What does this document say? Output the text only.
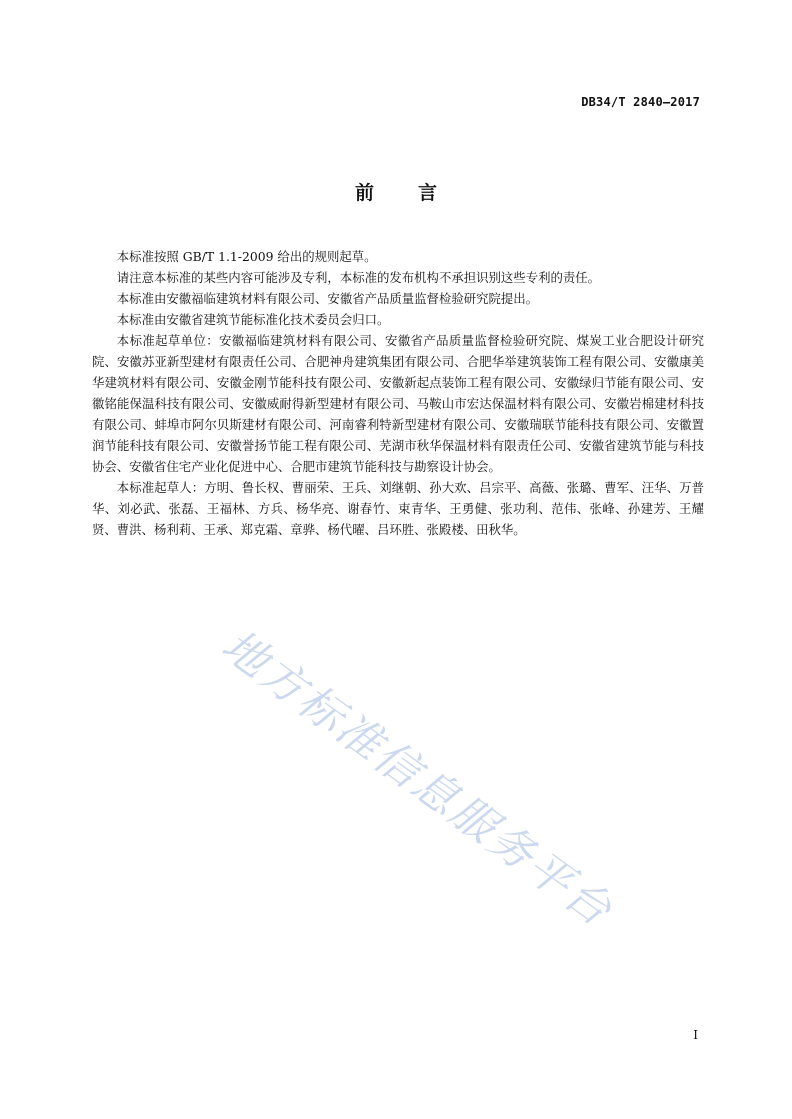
DB34/T 2840—2017
前言

本标准按照 GB/T 1.1-2009 给出的规则起草。

请注意本标准的某些内容可能涉及专利，本标准的发布机构不承担识别这些专利的责任。

本标准由安徽福临建筑材料有限公司、安徽省产品质量监督检验研究院提出。

本标准由安徽省建筑节能标准化技术委员会归口。

本标准起草单位：安徽福临建筑材料有限公司、安徽省产品质量监督检验研究院、煤炭工业合肥设计研究院、安徽苏亚新型建材有限责任公司、合肥神舟建筑集团有限公司、合肥华举建筑装饰工程有限公司、安徽康美华建筑材料有限公司、安徽金刚节能科技有限公司、安徽新起点装饰工程有限公司、安徽绿归节能有限公司、安徽铭能保温科技有限公司、安徽威耐得新型建材有限公司、马鞍山市宏达保温材料有限公司、安徽岩棉建材科技有限公司、蚌埠市阿尔贝斯建材有限公司、河南睿利特新型建材有限公司、安徽瑞联节能科技有限公司、安徽置润节能科技有限公司、安徽誉扬节能工程有限公司、芜湖市秋华保温材料有限责任公司、安徽省建筑节能与科技协会、安徽省住宅产业化促进中心、合肥市建筑节能科技与勘察设计协会。

本标准起草人：方明、鲁长权、曹丽荣、王兵、刘继朝、孙大欢、吕宗平、高薇、张璐、曹军、汪华、万普华、刘必武、张磊、王福林、方兵、杨华亮、谢春竹、束青华、王勇健、张功利、范伟、张峰、孙建芳、王耀贤、曹洪、杨利莉、王承、郑克霜、章骅、杨代曜、吕环胜、张殿楼、田秋华。

地方标准信息服务平台
I
